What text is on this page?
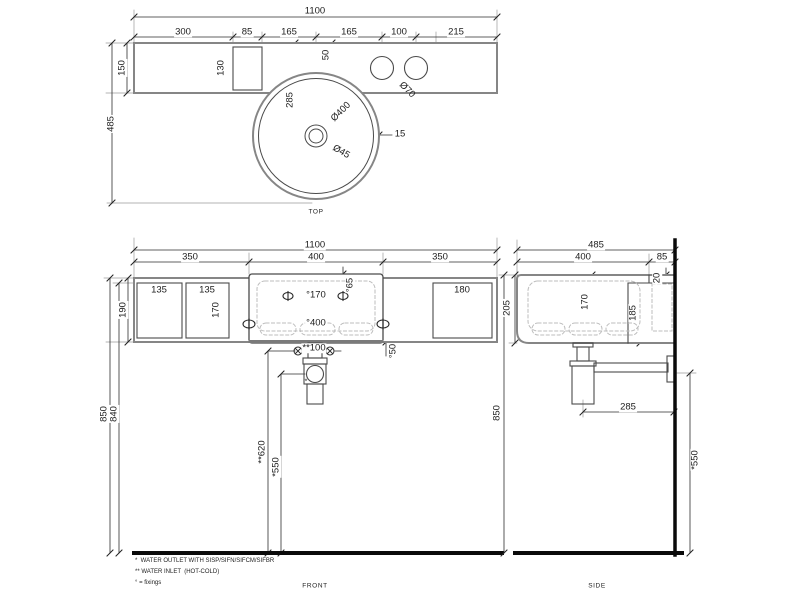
1100
300	85	165	165	100	215
485
150	130
285
50
Ø70
Ø400
Ø45
15
TOP
1100
350	400	350
135	135	180
170
190
850 840
°170
°65
°400
°50
**100
**620
*550
*
FRONT
485
400	85
20
170
185
205
850	285
*550
SIDE
*  WATER OUTLET WITH SISP/SIFN/SIFCM/SIFBR
** WATER INLET  (HOT-COLD)
° = fixings
